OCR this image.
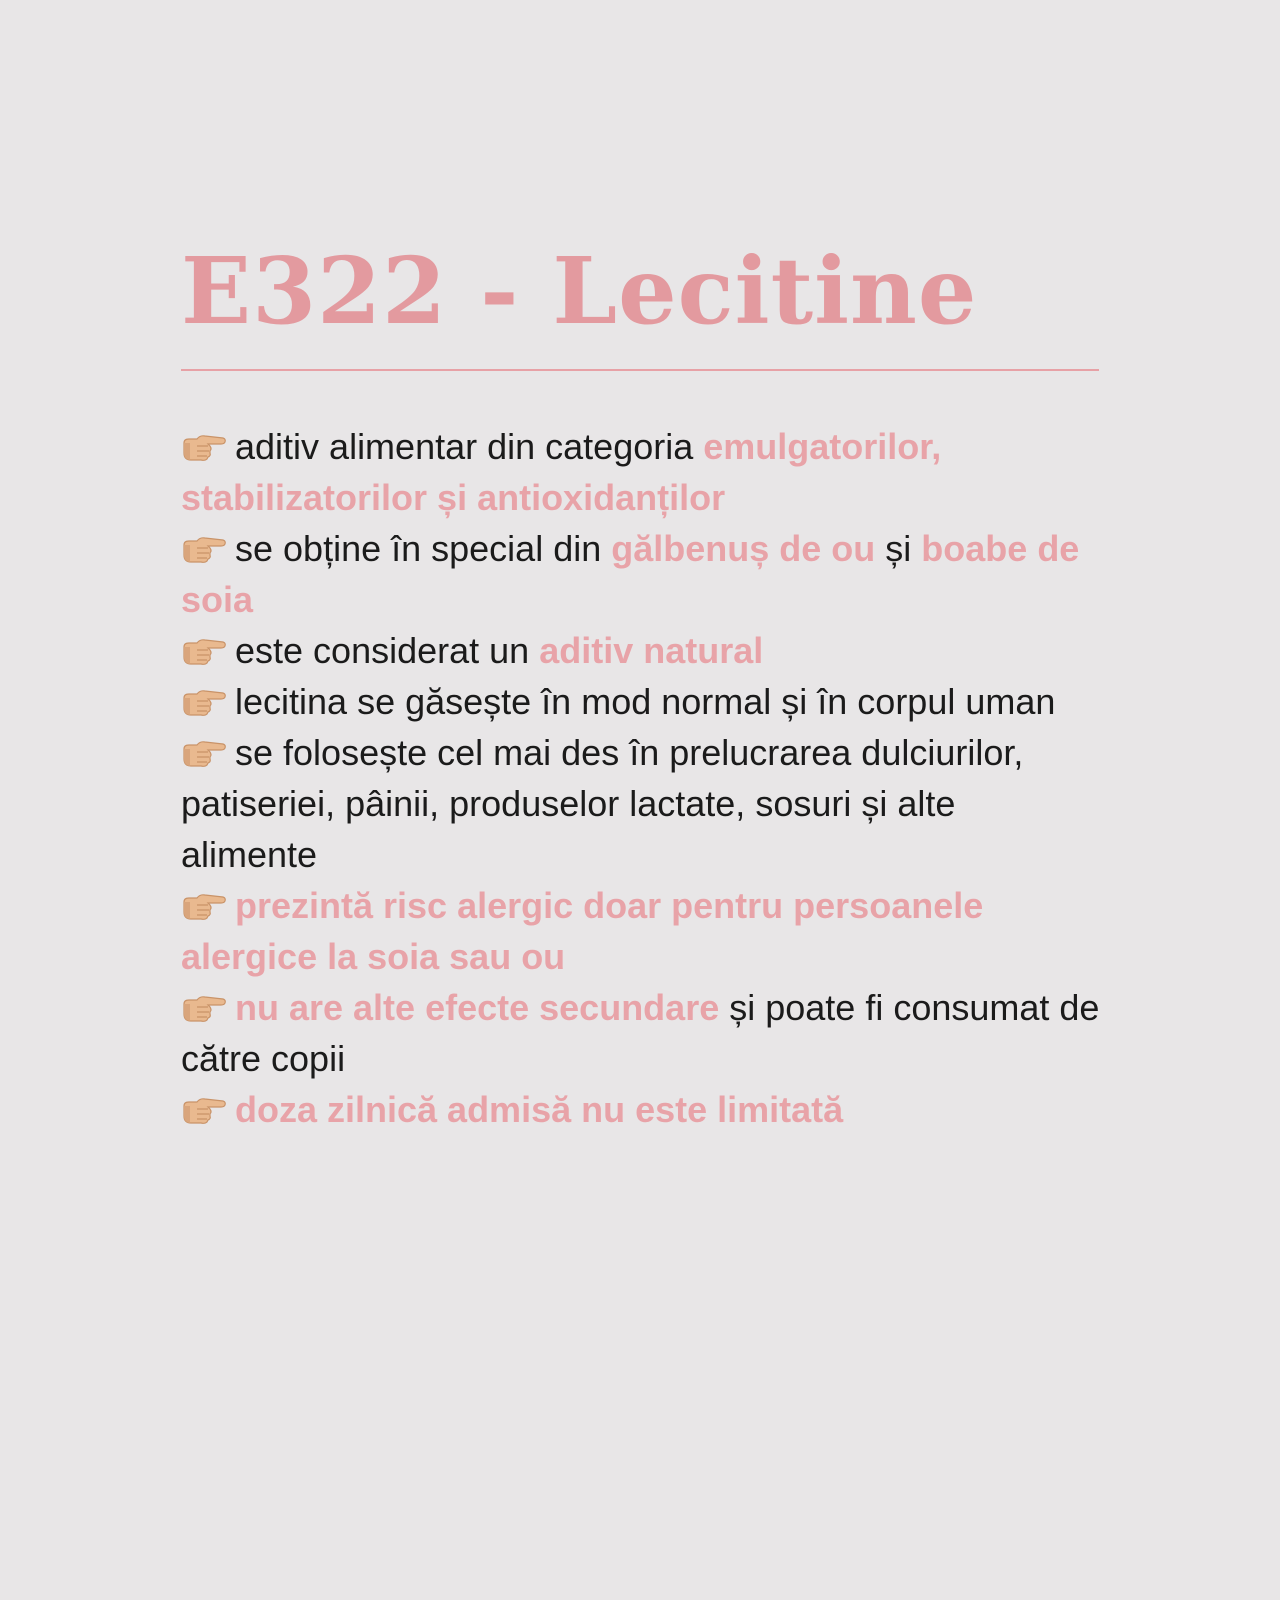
E322 - Lecitine

aditiv alimentar din categoria emulgatorilor, stabilizatorilor și antioxidanților

se obține în special din gălbenuș de ou și boabe de soia

este considerat un aditiv natural

lecitina se găsește în mod normal și în corpul uman

se folosește cel mai des în prelucrarea dulciurilor, patiseriei, pâinii, produselor lactate, sosuri și alte alimente

prezintă risc alergic doar pentru persoanele alergice la soia sau ou

nu are alte efecte secundare și poate fi consumat de către copii

doza zilnică admisă nu este limitată
